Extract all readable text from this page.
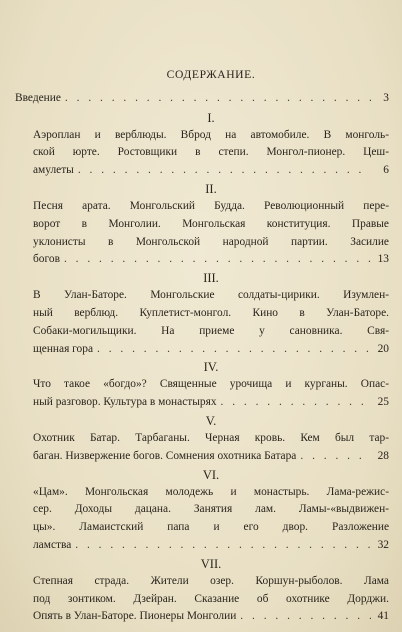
СОДЕРЖАНИЕ.
Введение . . .	3
I.
Аэроплан и верблюды. Вброд на автомобиле. В монголь-
ской юрте. Ростовщики в степи. Монгол-пионер. Цеш-
амулеты . . .	6
II.
Песня арата. Монгольский Будда. Революционный пере-
ворот в Монголии. Монгольская конституция. Правые
уклонисты в Монгольской народной партии. Засилие
богов . . .	13
III.
В Улан-Баторе. Монгольские солдаты-цирики. Изумлен-
ный верблюд. Куплетист-монгол. Кино в Улан-Баторе.
Собаки-могильщики. На приеме у сановника. Свя-
щенная гора . . .	20
IV.
Что такое «богдо»? Священные урочища и курганы. Опас-
ный разговор. Культура в монастырях . . .	25
V.
Охотник Батар. Тарбаганы. Черная кровь. Кем был тар-
баган. Низвержение богов. Сомнения охотника Батара . . .	28
VI.
«Цам». Монгольская молодежь и монастырь. Лама-режис-
сер. Доходы дацана. Занятия лам. Ламы-«выдвижен-
цы». Ламаистский папа и его двор. Разложение
ламства . . .	32
VII.
Степная страда. Жители озер. Коршун-рыболов. Лама
под зонтиком. Дзейран. Сказание об охотнике Дорджи.
Опять в Улан-Баторе. Пионеры Монголии . . .	41
